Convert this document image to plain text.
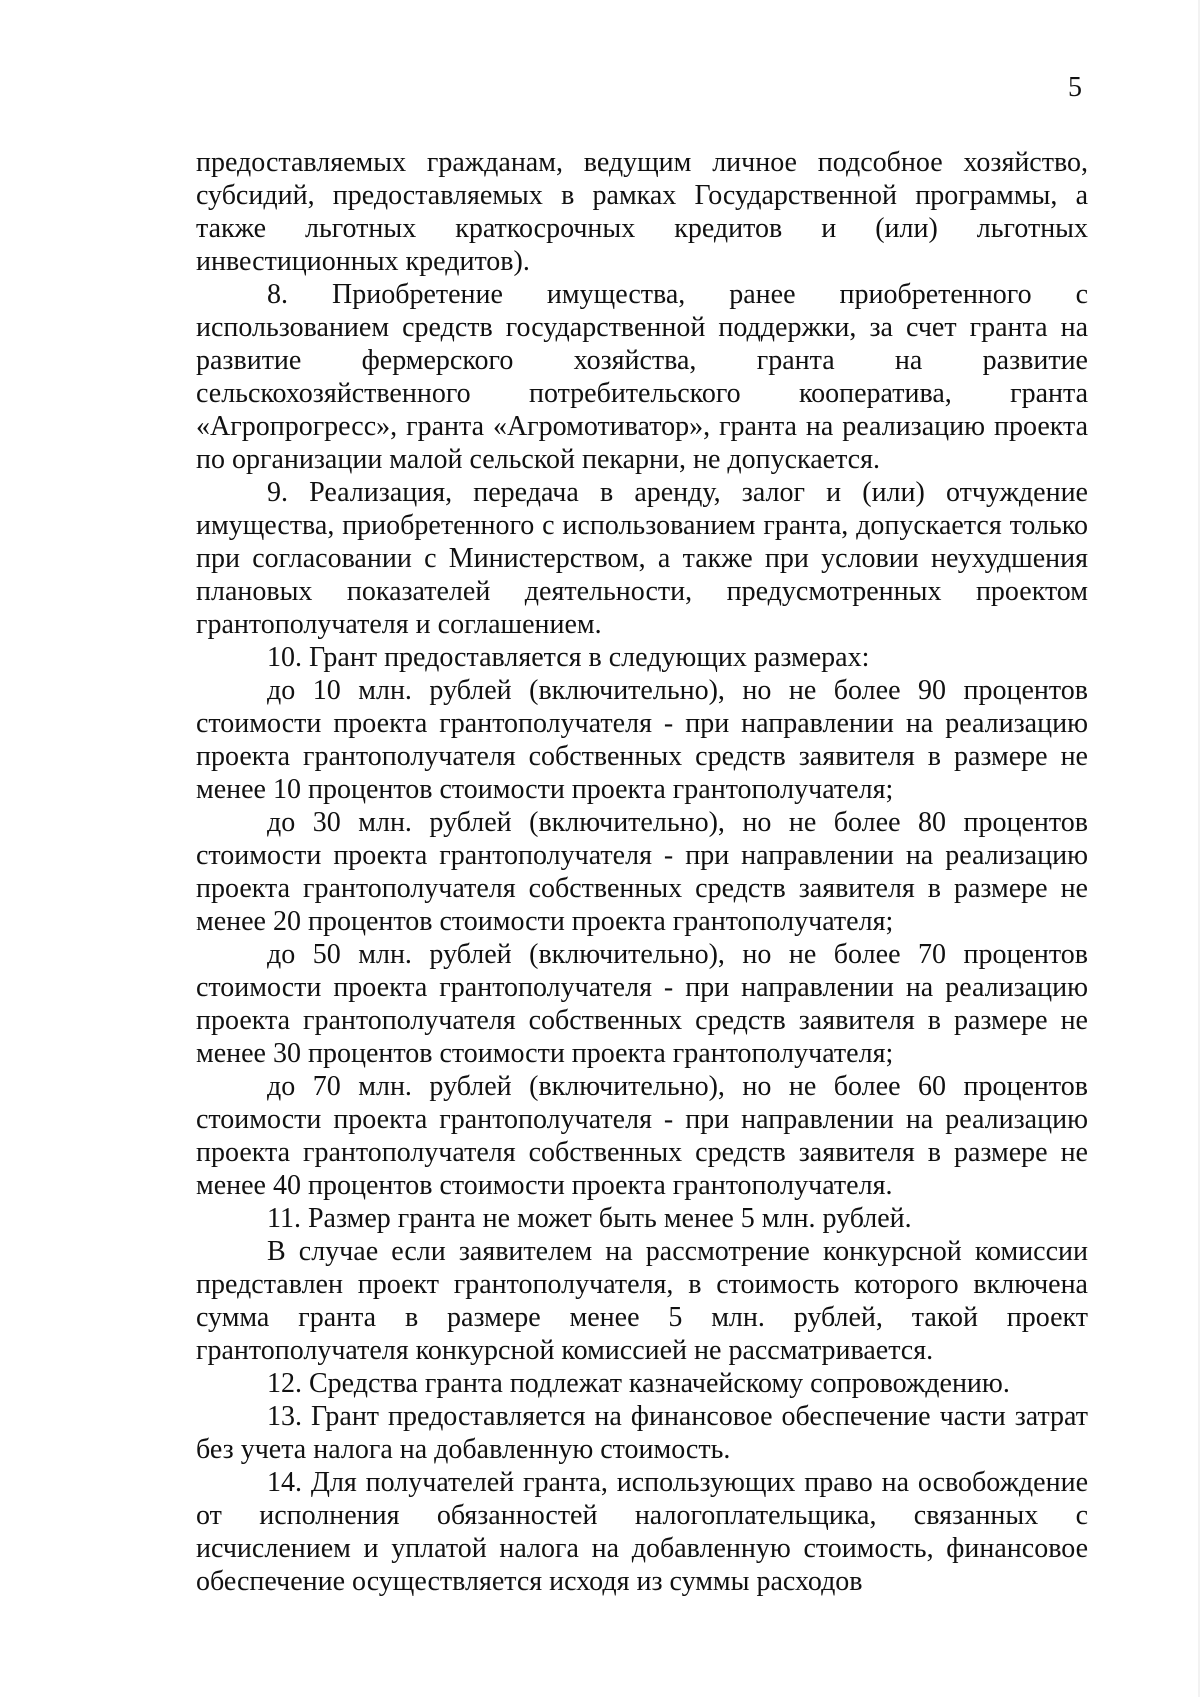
5

предоставляемых гражданам, ведущим личное подсобное хозяйство, субсидий, предоставляемых в рамках Государственной программы, а также льготных краткосрочных кредитов и (или) льготных инвестиционных кредитов).

8. Приобретение имущества, ранее приобретенного с использованием средств государственной поддержки, за счет гранта на развитие фермерского хозяйства, гранта на развитие сельскохозяйственного потребительского кооператива, гранта «Агропрогресс», гранта «Агромотиватор», гранта на реализацию проекта по организации малой сельской пекарни, не допускается.

9. Реализация, передача в аренду, залог и (или) отчуждение имущества, приобретенного с использованием гранта, допускается только при согласовании с Министерством, а также при условии неухудшения плановых показателей деятельности, предусмотренных проектом грантополучателя и соглашением.

10. Грант предоставляется в следующих размерах:

до 10 млн. рублей (включительно), но не более 90 процентов стоимости проекта грантополучателя - при направлении на реализацию проекта грантополучателя собственных средств заявителя в размере не менее 10 процентов стоимости проекта грантополучателя;

до 30 млн. рублей (включительно), но не более 80 процентов стоимости проекта грантополучателя - при направлении на реализацию проекта грантополучателя собственных средств заявителя в размере не менее 20 процентов стоимости проекта грантополучателя;

до 50 млн. рублей (включительно), но не более 70 процентов стоимости проекта грантополучателя - при направлении на реализацию проекта грантополучателя собственных средств заявителя в размере не менее 30 процентов стоимости проекта грантополучателя;

до 70 млн. рублей (включительно), но не более 60 процентов стоимости проекта грантополучателя - при направлении на реализацию проекта грантополучателя собственных средств заявителя в размере не менее 40 процентов стоимости проекта грантополучателя.

11. Размер гранта не может быть менее 5 млн. рублей.

В случае если заявителем на рассмотрение конкурсной комиссии представлен проект грантополучателя, в стоимость которого включена сумма гранта в размере менее 5 млн. рублей, такой проект грантополучателя конкурсной комиссией не рассматривается.

12. Средства гранта подлежат казначейскому сопровождению.

13. Грант предоставляется на финансовое обеспечение части затрат без учета налога на добавленную стоимость.

14. Для получателей гранта, использующих право на освобождение от исполнения обязанностей налогоплательщика, связанных с исчислением и уплатой налога на добавленную стоимость, финансовое обеспечение осуществляется исходя из суммы расходов
